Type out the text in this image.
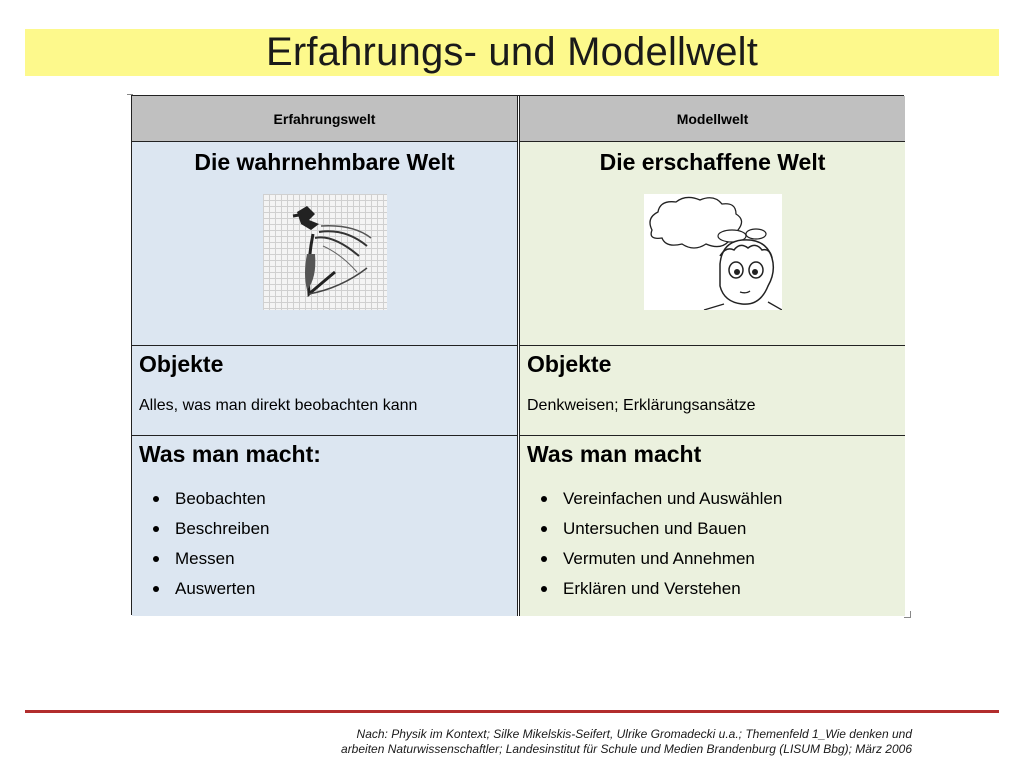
Erfahrungs- und Modellwelt
Erfahrungswelt	Modellwelt

Die wahrnehmbare Welt	Die erschaffene Welt

Objekte

Alles, was man direkt beobachten kann

Objekte

Denkweisen; Erklärungsansätze

Was man macht:

Beobachten
Beschreiben
Messen
Auswerten

Was man macht

Vereinfachen und Auswählen
Untersuchen und Bauen
Vermuten und Annehmen
Erklären und Verstehen
Nach: Physik im Kontext; Silke Mikelskis-Seifert, Ulrike Gromadecki u.a.; Themenfeld 1_Wie denken und
arbeiten Naturwissenschaftler; Landesinstitut für Schule und Medien Brandenburg (LISUM Bbg); März 2006
